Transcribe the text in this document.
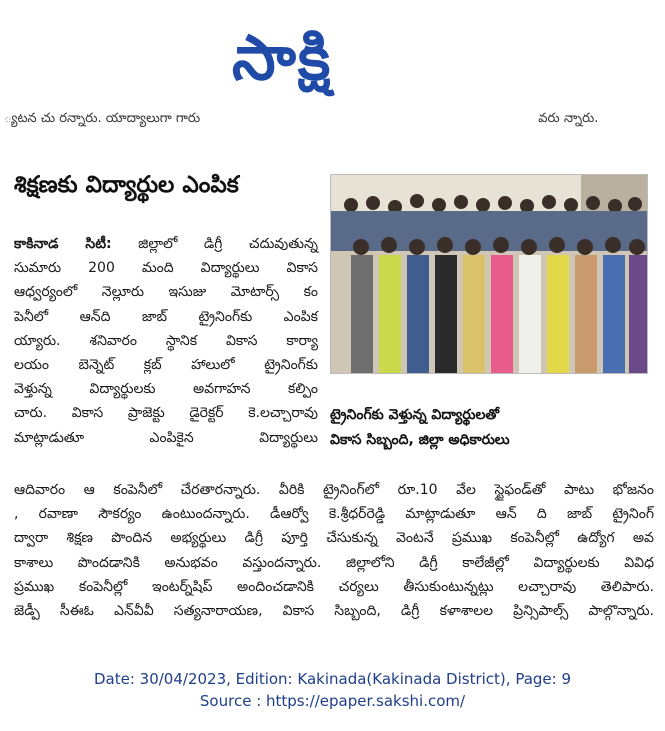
సాక్షి
్యటన చు రన్నారు. యాద్యాలుగా గారు	వరు న్నారు.
శిక్షణకు విద్యార్థుల ఎంపిక
కాకినాడ సిటీ: జిల్లాలో డిగ్రీ చదువుతున్న
సుమారు 200 మంది విద్యార్థులు వికాస
ఆధ్వర్యంలో నెల్లూరు ఇసుజు మోటార్స్ కం
పెనీలో ఆన్‌ది జాబ్ ట్రైనింగ్‌కు ఎంపిక
య్యారు. శనివారం స్థానిక వికాస కార్యా
లయం బెన్నెట్ క్లబ్ హాలులో ట్రైనింగ్‌కు
వెళ్తున్న విద్యార్థులకు అవగాహన కల్పిం
చారు. వికాస ప్రాజెక్టు డైరెక్టర్ కె.లచ్చారావు
మాట్లాడుతూ ఎంపికైన విద్యార్థులు
ట్రైనింగ్‌కు వెళ్తున్న విద్యార్థులతో
వికాస సిబ్బంది, జిల్లా అధికారులు
ఆదివారం ఆ కంపెనీలో చేరతారన్నారు. వీరికి ట్రైనింగ్‌లో రూ.10 వేల స్టైఫండ్‌తో పాటు భోజనం
, రవాణా సౌకర్యం ఉంటుందన్నారు. డీఆర్వో కె.శ్రీధర్‌రెడ్డి మాట్లాడుతూ ఆన్ ది జాబ్ ట్రైనింగ్
ద్వారా శిక్షణ పొందిన అభ్యర్థులు డిగ్రీ పూర్తి చేసుకున్న వెంటనే ప్రముఖ కంపెనీల్లో ఉద్యోగ అవ
కాశాలు పొందడానికి అనుభవం వస్తుందన్నారు. జిల్లాలోని డిగ్రీ కాలేజీల్లో విద్యార్థులకు వివిధ
ప్రముఖ కంపెనీల్లో ఇంటర్న్‌షిప్ అందించడానికి చర్యలు తీసుకుంటున్నట్లు లచ్చారావు తెలిపారు.
జెడ్పీ సీఈఓ ఎన్‌వీవీ సత్యనారాయణ, వికాస సిబ్బంది, డిగ్రీ కళాశాలల ప్రిన్సిపాల్స్ పాల్గొన్నారు.
Date: 30/04/2023, Edition: Kakinada(Kakinada District), Page: 9
Source : https://epaper.sakshi.com/
